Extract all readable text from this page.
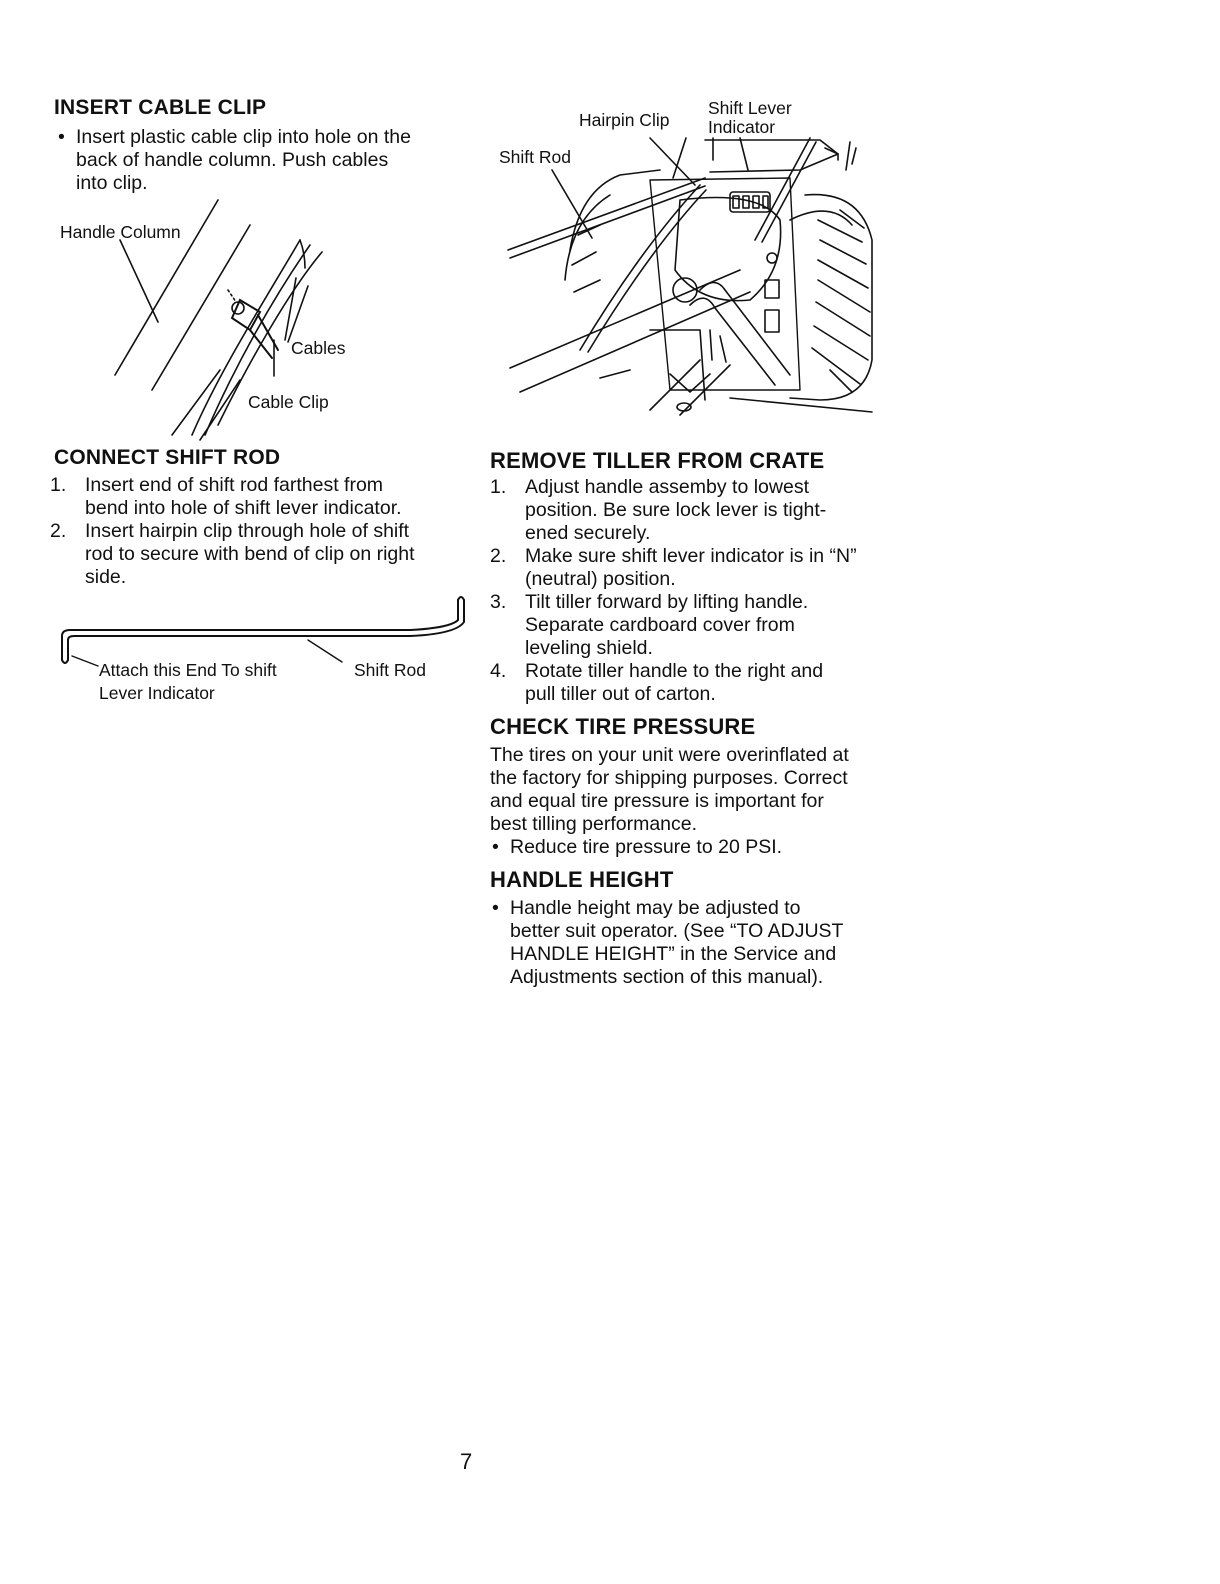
INSERT CABLE CLIP
• Insert plastic cable clip into hole on the
back of handle column. Push cables
into clip.
Handle Column
Cables
Cable Clip
CONNECT SHIFT ROD
1. Insert end of shift rod farthest from
bend into hole of shift lever indicator.
2. Insert hairpin clip through hole of shift
rod to secure with bend of clip on right
side.
Attach this End To shift
Lever Indicator
Shift Rod
Hairpin Clip
Shift Lever
Indicator
Shift Rod
REMOVE TILLER FROM CRATE
1. Adjust handle assemby to lowest
position. Be sure lock lever is tight-
ened securely.
2. Make sure shift lever indicator is in “N”
(neutral) position.
3. Tilt tiller forward by lifting handle.
Separate cardboard cover from
leveling shield.
4. Rotate tiller handle to the right and
pull tiller out of carton.
CHECK TIRE PRESSURE
The tires on your unit were overinflated at
the factory for shipping purposes. Correct
and equal tire pressure is important for
best tilling performance.
• Reduce tire pressure to 20 PSI.
HANDLE HEIGHT
• Handle height may be adjusted to
better suit operator. (See “TO ADJUST
HANDLE HEIGHT” in the Service and
Adjustments section of this manual).
7
